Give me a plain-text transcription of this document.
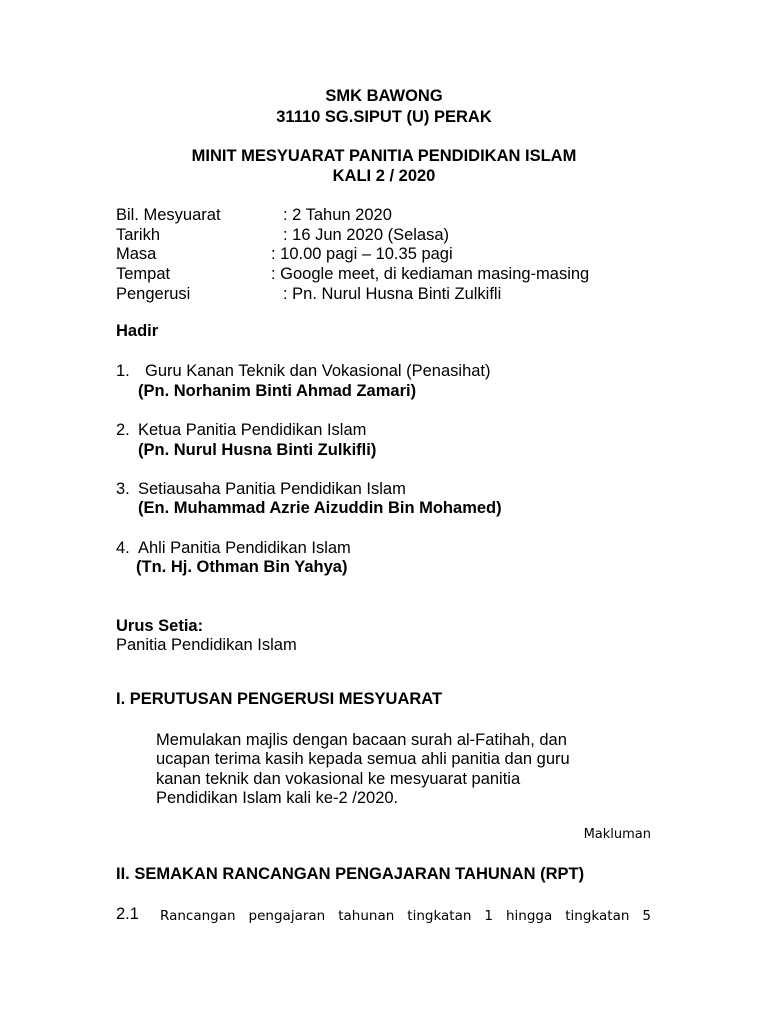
SMK BAWONG
31110 SG.SIPUT (U) PERAK
MINIT MESYUARAT PANITIA PENDIDIKAN ISLAM
KALI 2 / 2020
Bil. Mesyuarat	: 2 Tahun 2020
Tarikh	: 16 Jun 2020 (Selasa)
Masa	: 10.00 pagi – 10.35 pagi
Tempat	: Google meet, di kediaman masing-masing
Pengerusi	: Pn. Nurul Husna Binti Zulkifli
Hadir
1. Guru Kanan Teknik dan Vokasional (Penasihat)
(Pn. Norhanim Binti Ahmad Zamari)
2. Ketua Panitia Pendidikan Islam
(Pn. Nurul Husna Binti Zulkifli)
3. Setiausaha Panitia Pendidikan Islam
(En. Muhammad Azrie Aizuddin Bin Mohamed)
4. Ahli Panitia Pendidikan Islam
(Tn. Hj. Othman Bin Yahya)
Urus Setia:
Panitia Pendidikan Islam
I. PERUTUSAN PENGERUSI MESYUARAT
Memulakan majlis dengan bacaan surah al-Fatihah, dan
ucapan terima kasih kepada semua ahli panitia dan guru
kanan teknik dan vokasional ke mesyuarat panitia
Pendidikan Islam kali ke-2 /2020.
Makluman
II. SEMAKAN RANCANGAN PENGAJARAN TAHUNAN (RPT)
2.1 Rancangan pengajaran tahunan tingkatan 1 hingga tingkatan 5
